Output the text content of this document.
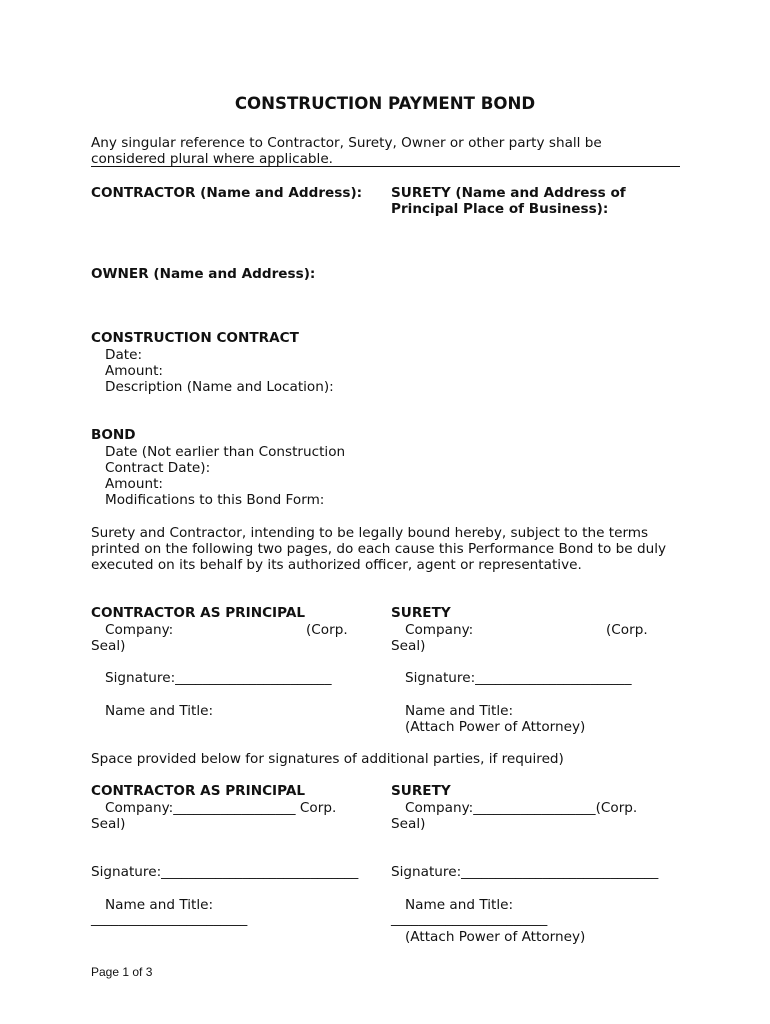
CONSTRUCTION PAYMENT BOND
Any singular reference to Contractor, Surety, Owner or other party shall be
considered plural where applicable.
CONTRACTOR (Name and Address): SURETY (Name and Address of
Principal Place of Business):
OWNER (Name and Address):
CONSTRUCTION CONTRACT
Date:
Amount:
Description (Name and Location):
BOND
Date (Not earlier than Construction
Contract Date):
Amount:
Modifications to this Bond Form:
Surety and Contractor, intending to be legally bound hereby, subject to the terms
printed on the following two pages, do each cause this Performance Bond to be duly
executed on its behalf by its authorized officer, agent or representative.
CONTRACTOR AS PRINCIPAL
Company:	(Corp.
Seal)
Signature:_______________________
Name and Title:
SURETY
Company:	(Corp.
Seal)
Signature:_______________________
Name and Title:
(Attach Power of Attorney)
Space provided below for signatures of additional parties, if required)
CONTRACTOR AS PRINCIPAL
Company:__________________ Corp.
Seal)
Signature:_____________________________
Name and Title:
_______________________
SURETY
Company:__________________(Corp.
Seal)
Signature:_____________________________
Name and Title:
_______________________
(Attach Power of Attorney)
Page 1 of 3
